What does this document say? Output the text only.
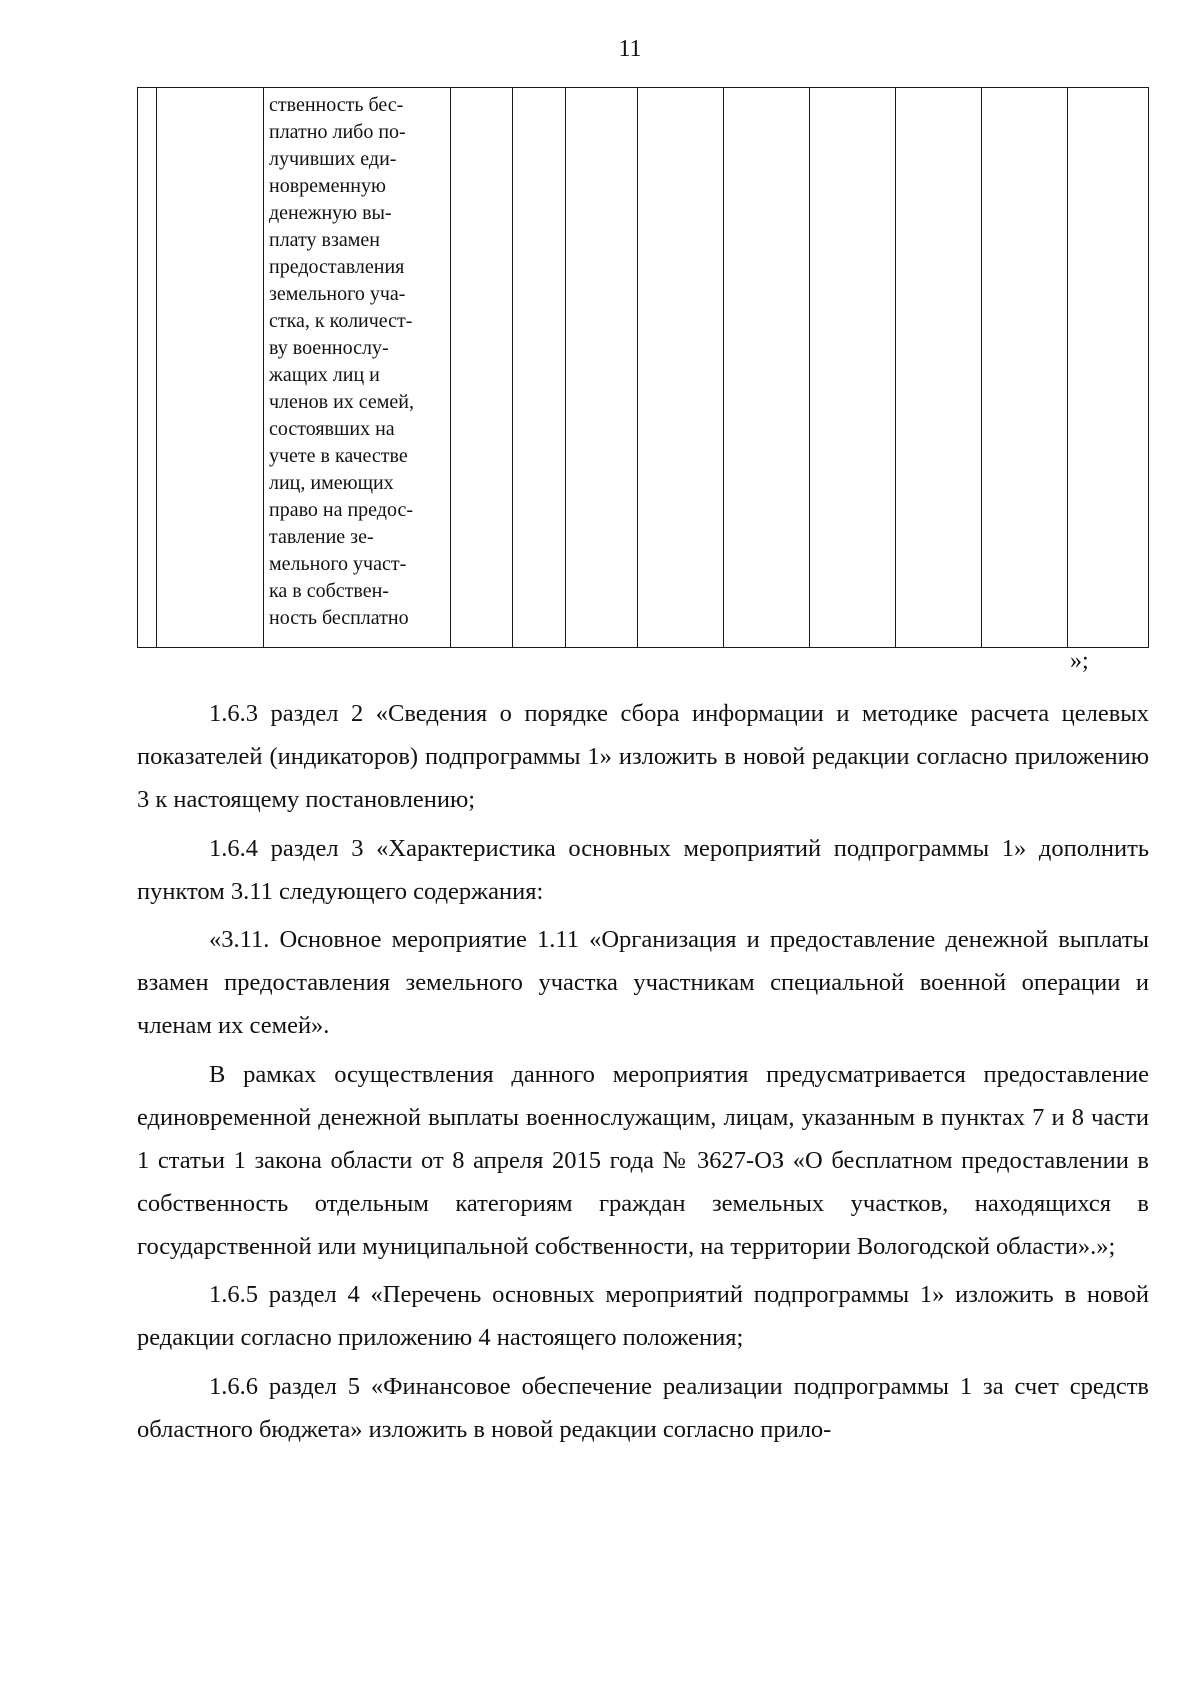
11
		ственность бес-
платно либо по-
лучивших еди-
новременную
денежную вы-
плату взамен
предоставления
земельного уча-
стка, к количест-
ву военнослу-
жащих лиц и
членов их семей,
состоявших на
учете в качестве
лиц, имеющих
право на предос-
тавление зе-
мельного участ-
ка в собствен-
ность бесплатно									
»;

1.6.3 раздел 2 «Сведения о порядке сбора информации и методике расчета целевых показателей (индикаторов) подпрограммы 1» изложить в новой редакции согласно приложению 3 к настоящему постановлению;

1.6.4 раздел 3 «Характеристика основных мероприятий подпрограммы 1» дополнить пунктом 3.11 следующего содержания:

«3.11. Основное мероприятие 1.11 «Организация и предоставление денежной выплаты взамен предоставления земельного участка участникам специальной военной операции и членам их семей».

В рамках осуществления данного мероприятия предусматривается предоставление единовременной денежной выплаты военнослужащим, лицам, указанным в пунктах 7 и 8 части 1 статьи 1 закона области от 8 апреля 2015 года № 3627-ОЗ «О бесплатном предоставлении в собственность отдельным категориям граждан земельных участков, находящихся в государственной или муниципальной собственности, на территории Вологодской области».»;

1.6.5 раздел 4 «Перечень основных мероприятий подпрограммы 1» изложить в новой редакции согласно приложению 4 настоящего положения;

1.6.6 раздел 5 «Финансовое обеспечение реализации подпрограммы 1 за счет средств областного бюджета» изложить в новой редакции согласно прило-
